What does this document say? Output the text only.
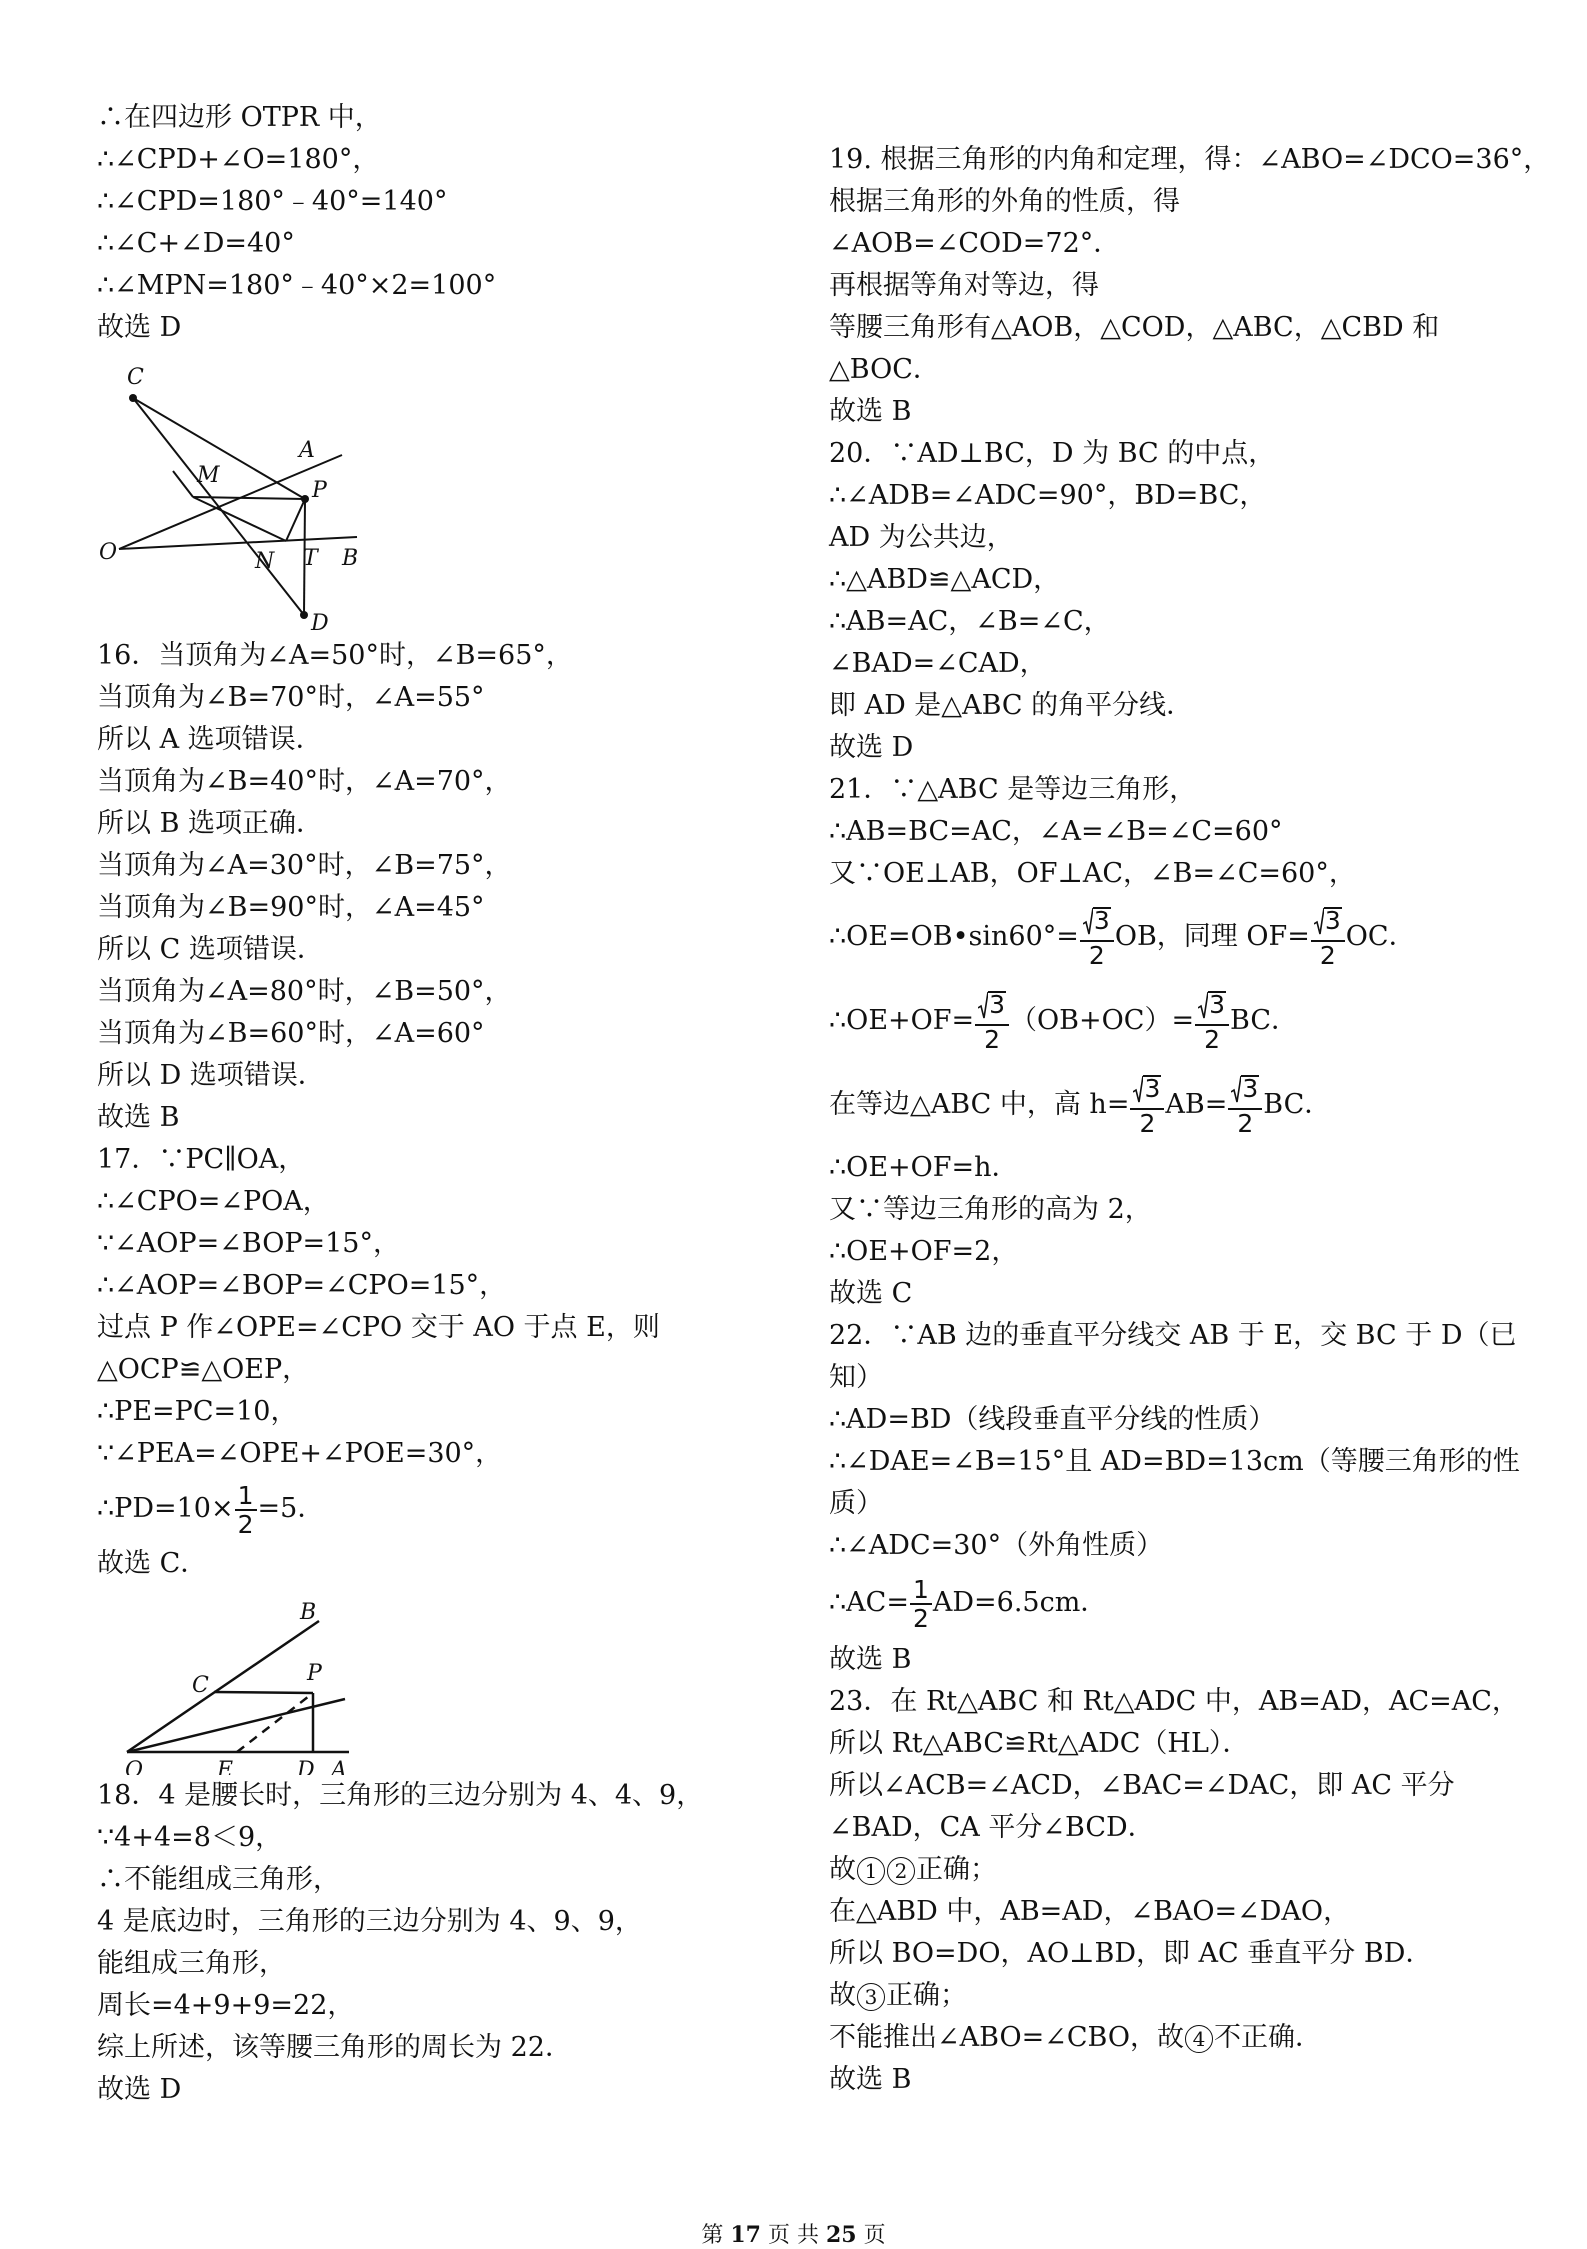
∴在四边形 OTPR 中，
∴∠CPD+∠O=180°，
∴∠CPD=180°﹣40°=140°
∴∠C+∠D=40°
∴∠MPN=180°﹣40°×2=100°
故选 D
C
A
M
P
O	N T B
D
16．当顶角为∠A=50°时，∠B=65°，
当顶角为∠B=70°时，∠A=55°
所以 A 选项错误．
当顶角为∠B=40°时，∠A=70°，
所以 B 选项正确．
当顶角为∠A=30°时，∠B=75°，
当顶角为∠B=90°时，∠A=45°
所以 C 选项错误．
当顶角为∠A=80°时，∠B=50°，
当顶角为∠B=60°时，∠A=60°
所以 D 选项错误．
故选 B
17．∵PC∥OA，
∴∠CPO=∠POA，
∵∠AOP=∠BOP=15°，
∴∠AOP=∠BOP=∠CPO=15°，
过点 P 作∠OPE=∠CPO 交于 AO 于点 E，则
△OCP≌△OEP，
∴PE=PC=10，
∵∠PEA=∠OPE+∠POE=30°，
∴PD=10× $\frac{1}{2} =5$．
故选 C．
B
C	P
O	E	D A
18．4 是腰长时，三角形的三边分别为 4、4、9，
∵4+4=8＜9，
∴不能组成三角形，
4 是底边时，三角形的三边分别为 4、9、9，
能组成三角形，
周长=4+9+9=22，
综上所述，该等腰三角形的周长为 22．
故选 D
19. 根据三角形的内角和定理，得：∠ABO=∠DCO=36°，
根据三角形的外角的性质，得
∠AOB=∠COD=72°．
再根据等角对等边，得
等腰三角形有△AOB，△COD，△ABC，△CBD 和
△BOC．
故选 B
20．∵AD⊥BC，D 为 BC 的中点，
∴∠ADB=∠ADC=90°，BD=BC，
AD 为公共边，
∴△ABD≌△ACD，
∴AB=AC，∠B=∠C，
∠BAD=∠CAD，
即 AD 是△ABC 的角平分线．
故选 D
21．∵△ABC 是等边三角形，
∴AB=BC=AC，∠A=∠B=∠C=60°
又∵OE⊥AB，OF⊥AC，∠B=∠C=60°，
∴OE=OB•sin60°= $\frac{3}{2}$ OB，同理 $OF= \frac{3}{2}$ OC．
∴OE+OF= $\frac{3}{2} (OB+OC)= \frac{3}{2}$ BC．
在等边△ABC 中，高 $h= \frac{3}{2} AB= \frac{3}{2}$ BC．
∴OE+OF=h．
又∵等边三角形的高为 2，
∴OE+OF=2，
故选 C
22．∵AB 边的垂直平分线交 AB 于 E，交 BC 于 D（已
知）
∴AD=BD（线段垂直平分线的性质）
∴∠DAE=∠B=15°且 AD=BD=13cm（等腰三角形的性
质）
∴∠ADC=30°（外角性质）
∴AC= $\frac{1}{2} AD=6.5cm$．
故选 B
23．在 Rt△ABC 和 Rt△ADC 中，AB=AD，AC=AC，
所以 Rt△ABC≌Rt△ADC（HL）．
所以∠ACB=∠ACD，∠BAC=∠DAC，即 AC 平分
∠BAD，CA 平分∠BCD．
故 1 2 正确；
在△ABD 中，AB=AD，∠BAO=∠DAO，
所以 BO=DO，AO⊥BD，即 AC 垂直平分 BD．
故 3 正确；
不能推出∠ABO=∠CBO，故 4 不正确．
故选 B
第 17 页 共 25 页
